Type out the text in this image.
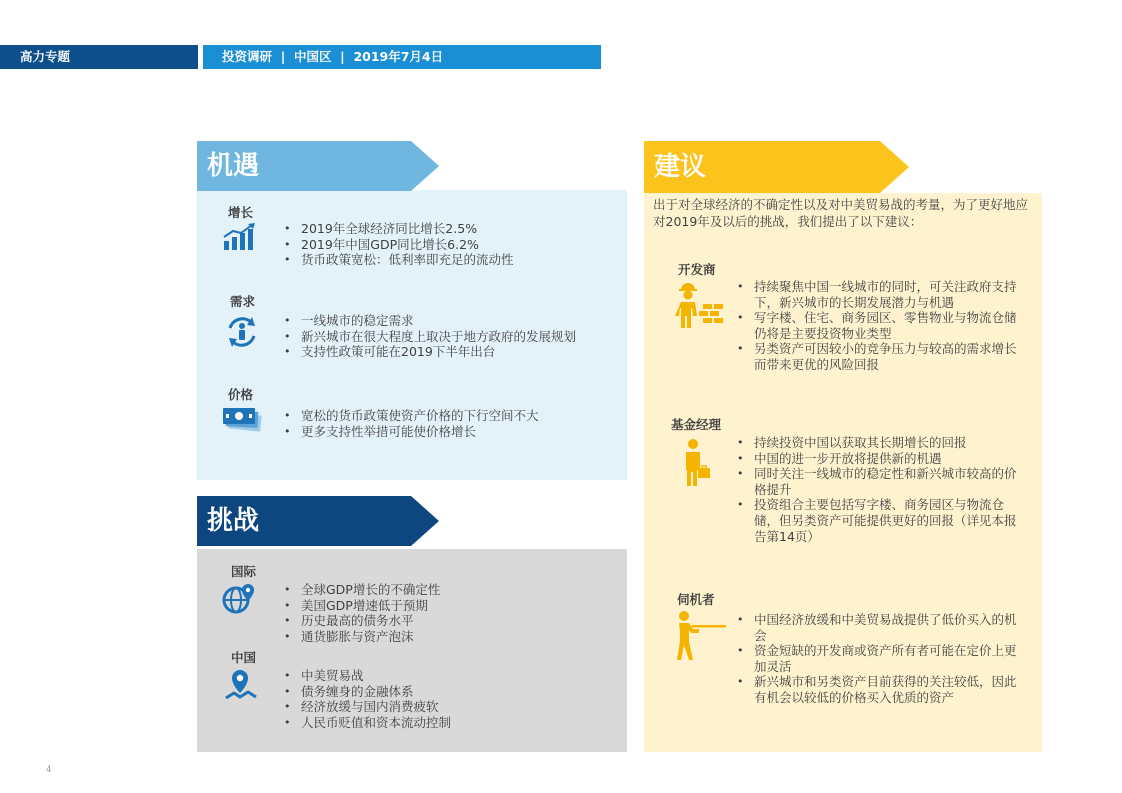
高力专题	投资调研  |  中国区  |  2019年7月4日
机遇
增长
• 2019年全球经济同比增长2.5%
• 2019年中国GDP同比增长6.2%
• 货币政策宽松：低利率即充足的流动性
需求
• 一线城市的稳定需求
• 新兴城市在很大程度上取决于地方政府的发展规划
• 支持性政策可能在2019下半年出台
价格
• 宽松的货币政策使资产价格的下行空间不大
• 更多支持性举措可能使价格增长
挑战
国际
• 全球GDP增长的不确定性
• 美国GDP增速低于预期
• 历史最高的债务水平
• 通货膨胀与资产泡沫
中国
• 中美贸易战
• 债务缠身的金融体系
• 经济放缓与国内消费疲软
• 人民币贬值和资本流动控制
建议
出于对全球经济的不确定性以及对中美贸易战的考量，为了更好地应对2019年及以后的挑战，我们提出了以下建议：
开发商
• 持续聚焦中国一线城市的同时，可关注政府支持下，新兴城市的长期发展潜力与机遇
• 写字楼、住宅、商务园区、零售物业与物流仓储仍将是主要投资物业类型
• 另类资产可因较小的竞争压力与较高的需求增长而带来更优的风险回报
基金经理
• 持续投资中国以获取其长期增长的回报
• 中国的进一步开放将提供新的机遇
• 同时关注一线城市的稳定性和新兴城市较高的价格提升
• 投资组合主要包括写字楼、商务园区与物流仓储，但另类资产可能提供更好的回报（详见本报告第14页）
伺机者
• 中国经济放缓和中美贸易战提供了低价买入的机会
• 资金短缺的开发商或资产所有者可能在定价上更加灵活
• 新兴城市和另类资产目前获得的关注较低，因此有机会以较低的价格买入优质的资产
4
